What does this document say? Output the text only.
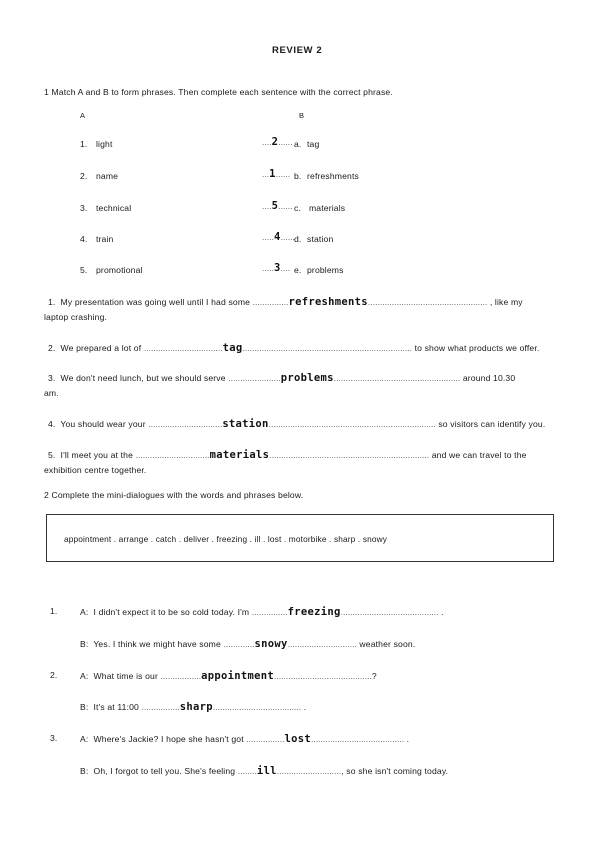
REVIEW 2
1 Match A and B to form phrases. Then complete each sentence with the correct phrase.
A	B
1. light	....2...... a. tag
2. name	...1...... b. refreshments
3. technical	....5...... c. materials
4. train	.....4...... d. station
5. promotional	.....3.... e. problems
1. My presentation was going well until I had some ...............refreshments.................................................. , like my
laptop crashing.
2. We prepared a lot of .................................tag....................................................................... to show what products we offer.
3. We don't need lunch, but we should serve ......................problems..................................................... around 10.30
am.
4. You should wear your ...............................station...................................................................... so visitors can identify you.
5. I'll meet you at the ...............................materials................................................................... and we can travel to the
exhibition centre together.
2 Complete the mini-dialogues with the words and phrases below.
appointment . arrange . catch . deliver . freezing . ill . lost . motorbike . sharp . snowy
1.	A: I didn't expect it to be so cold today. I'm ...............freezing......................................... .
B: Yes. I think we might have some .............snowy............................. weather soon.
2.	A: What time is our .................appointment.........................................?
B: It's at 11:00 ................sharp..................................... .
3.	A: Where's Jackie? I hope she hasn't got ................lost....................................... .
B: Oh, I forgot to tell you. She's feeling ........ill..........................., so she isn't coming today.
